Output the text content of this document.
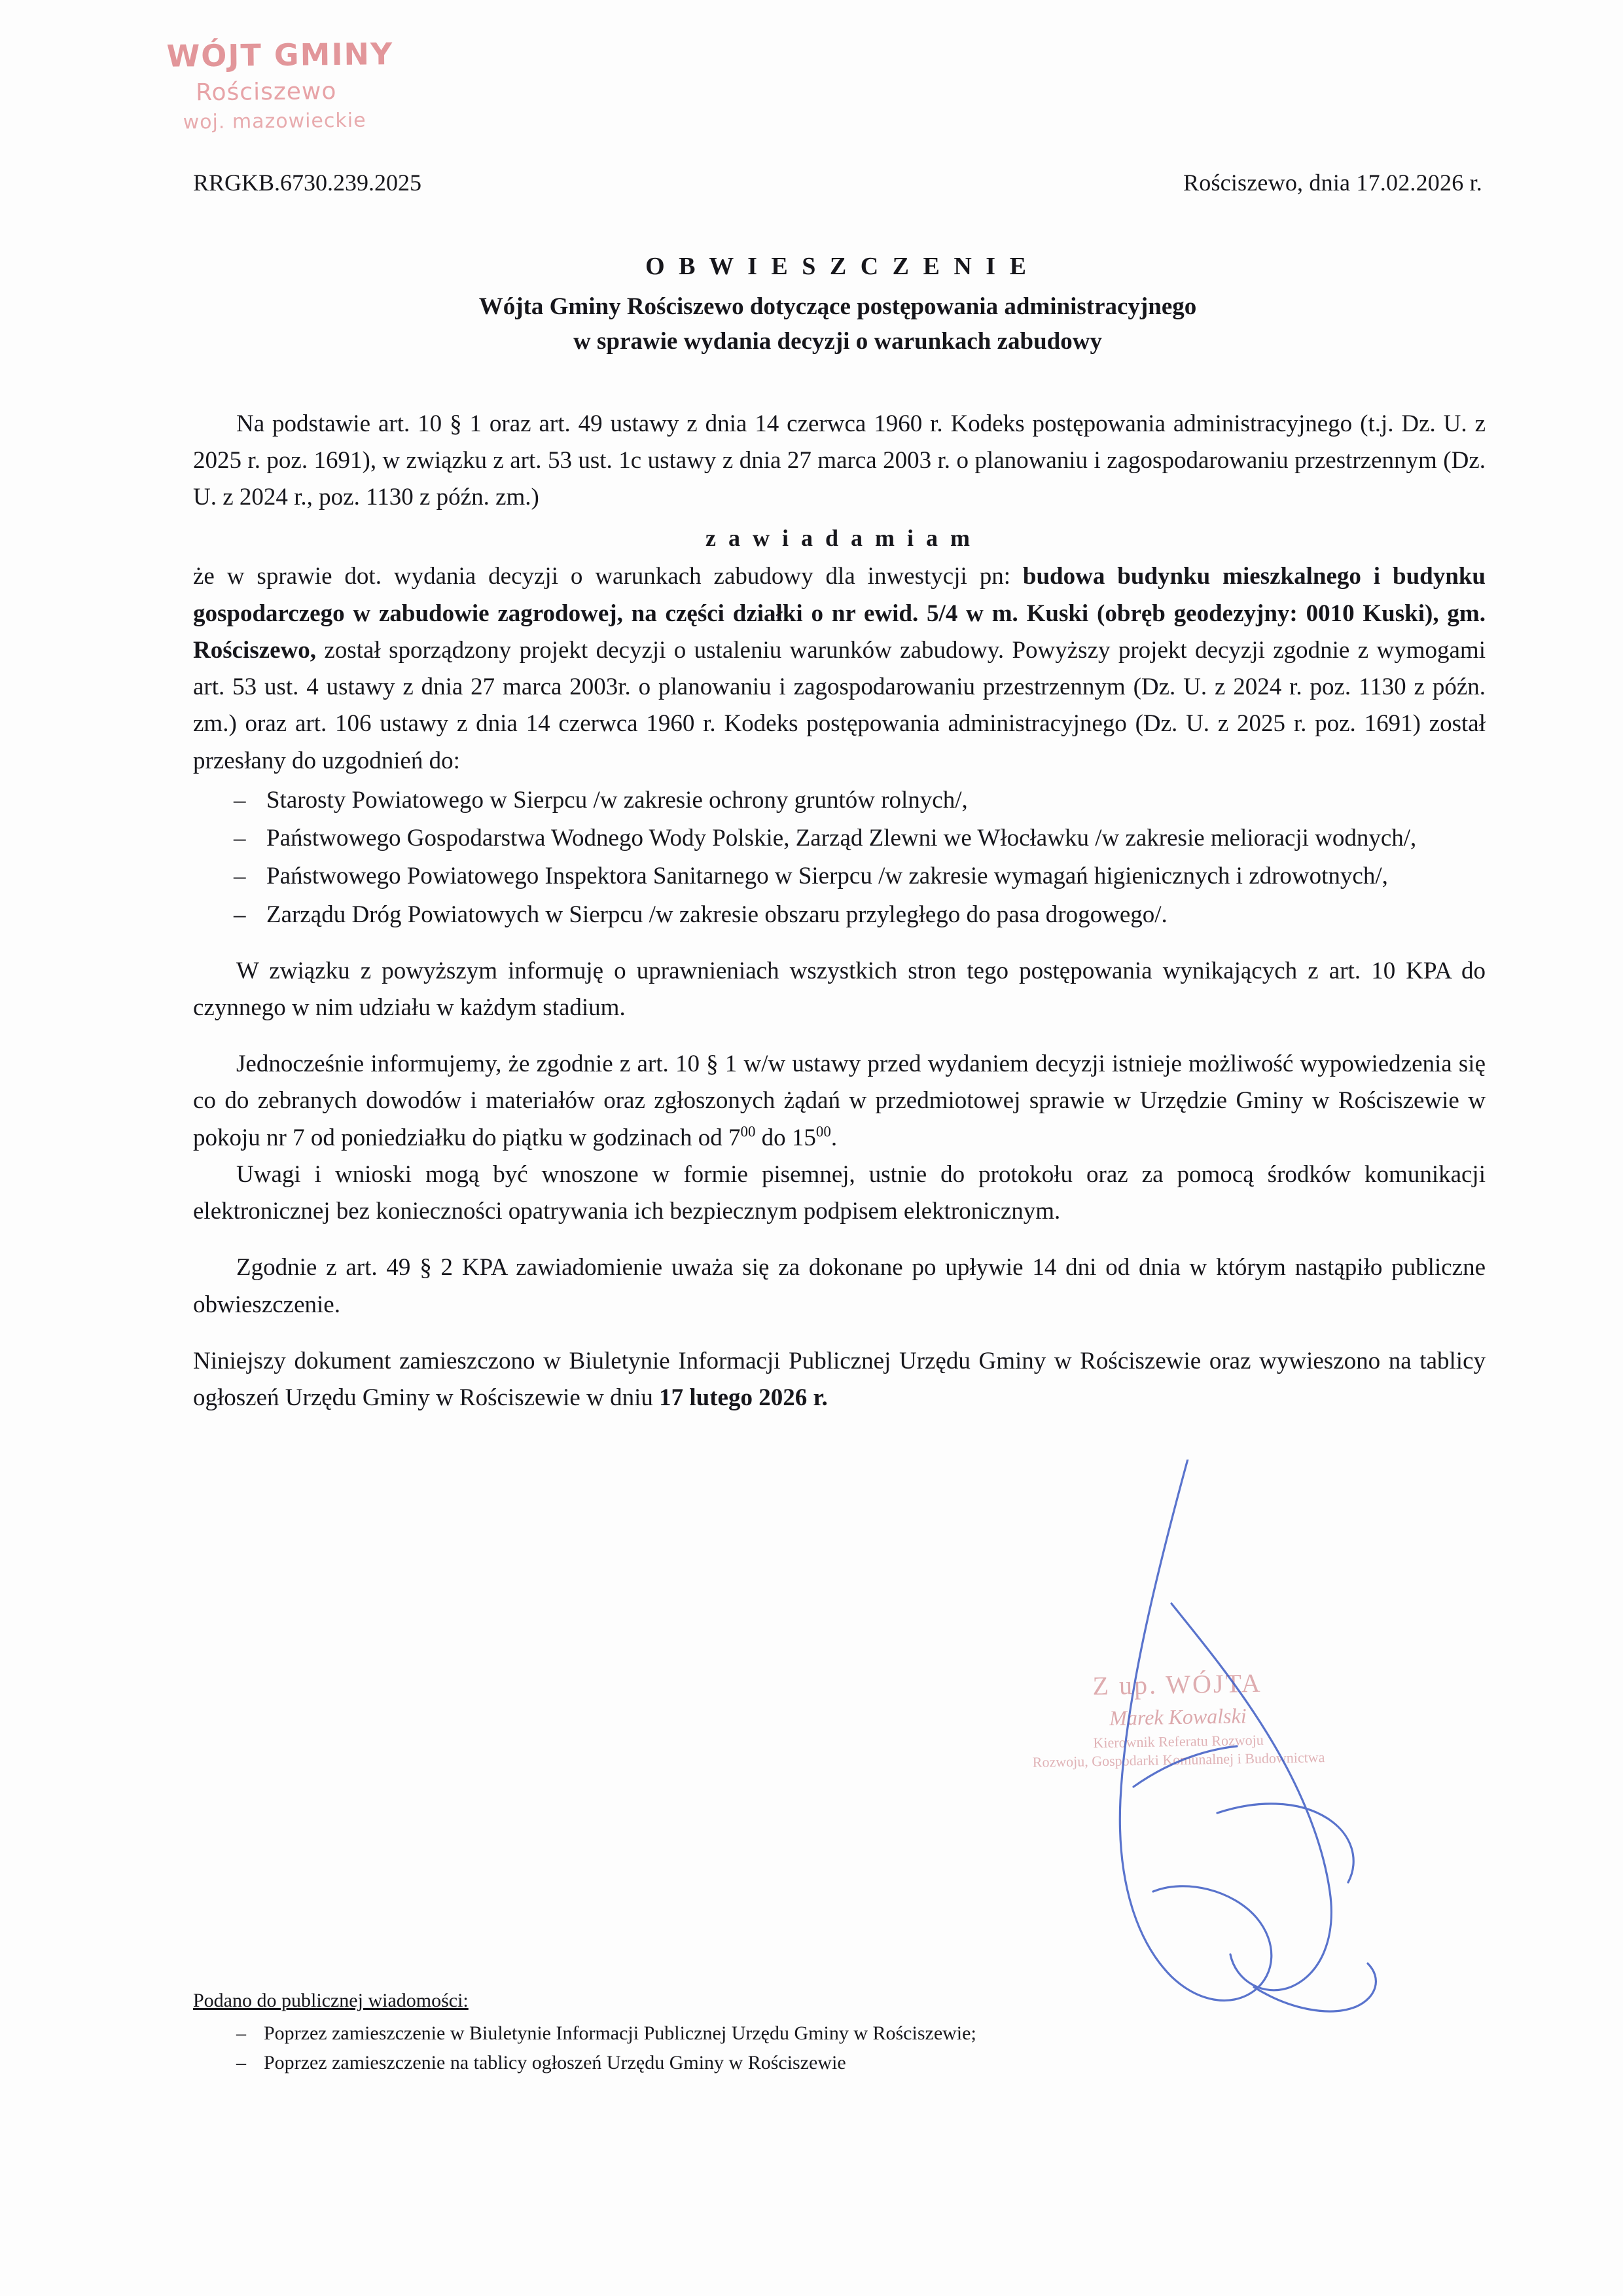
WÓJT GMINY
Rościszewo
woj. mazowieckie
RRGKB.6730.239.2025	Rościszewo, dnia 17.02.2026 r.
O B W I E S Z C Z E N I E
Wójta Gminy Rościszewo dotyczące postępowania administracyjnego
w sprawie wydania decyzji o warunkach zabudowy

Na podstawie art. 10 § 1 oraz art. 49 ustawy z dnia 14 czerwca 1960 r. Kodeks postępowania administracyjnego (t.j. Dz. U. z 2025 r. poz. 1691), w związku z art. 53 ust. 1c ustawy z dnia 27 marca 2003 r. o planowaniu i zagospodarowaniu przestrzennym (Dz. U. z 2024 r., poz. 1130 z późn. zm.)

z a w i a d a m i a m

że w sprawie dot. wydania decyzji o warunkach zabudowy dla inwestycji pn: budowa budynku mieszkalnego i budynku gospodarczego w zabudowie zagrodowej, na części działki o nr ewid. 5/4 w m. Kuski (obręb geodezyjny: 0010 Kuski), gm. Rościszewo, został sporządzony projekt decyzji o ustaleniu warunków zabudowy. Powyższy projekt decyzji zgodnie z wymogami art. 53 ust. 4 ustawy z dnia 27 marca 2003r. o planowaniu i zagospodarowaniu przestrzennym (Dz. U. z 2024 r. poz. 1130 z późn. zm.) oraz art. 106 ustawy z dnia 14 czerwca 1960 r. Kodeks postępowania administracyjnego (Dz. U. z 2025 r. poz. 1691) został przesłany do uzgodnień do:

– Starosty Powiatowego w Sierpcu /w zakresie ochrony gruntów rolnych/,
– Państwowego Gospodarstwa Wodnego Wody Polskie, Zarząd Zlewni we Włocławku /w zakresie melioracji wodnych/,
– Państwowego Powiatowego Inspektora Sanitarnego w Sierpcu /w zakresie wymagań higienicznych i zdrowotnych/,
– Zarządu Dróg Powiatowych w Sierpcu /w zakresie obszaru przyległego do pasa drogowego/.

W związku z powyższym informuję o uprawnieniach wszystkich stron tego postępowania wynikających z art. 10 KPA do czynnego w nim udziału w każdym stadium.

Jednocześnie informujemy, że zgodnie z art. 10 § 1 w/w ustawy przed wydaniem decyzji istnieje możliwość wypowiedzenia się co do zebranych dowodów i materiałów oraz zgłoszonych żądań w przedmiotowej sprawie w Urzędzie Gminy w Rościszewie w pokoju nr 7 od poniedziałku do piątku w godzinach od $7^{00}$ do $15^{00}$.

Uwagi i wnioski mogą być wnoszone w formie pisemnej, ustnie do protokołu oraz za pomocą środków komunikacji elektronicznej bez konieczności opatrywania ich bezpiecznym podpisem elektronicznym.

Zgodnie z art. 49 § 2 KPA zawiadomienie uważa się za dokonane po upływie 14 dni od dnia w którym nastąpiło publiczne obwieszczenie.

Niniejszy dokument zamieszczono w Biuletynie Informacji Publicznej Urzędu Gminy w Rościszewie oraz wywieszono na tablicy ogłoszeń Urzędu Gminy w Rościszewie w dniu 17 lutego 2026 r.

Z up. WÓJTA
Marek Kowalski
Kierownik Referatu Rozwoju
Rozwoju, Gospodarki Komunalnej i Budownictwa
Podano do publicznej wiadomości:
– Poprzez zamieszczenie w Biuletynie Informacji Publicznej Urzędu Gminy w Rościszewie;
– Poprzez zamieszczenie na tablicy ogłoszeń Urzędu Gminy w Rościszewie
